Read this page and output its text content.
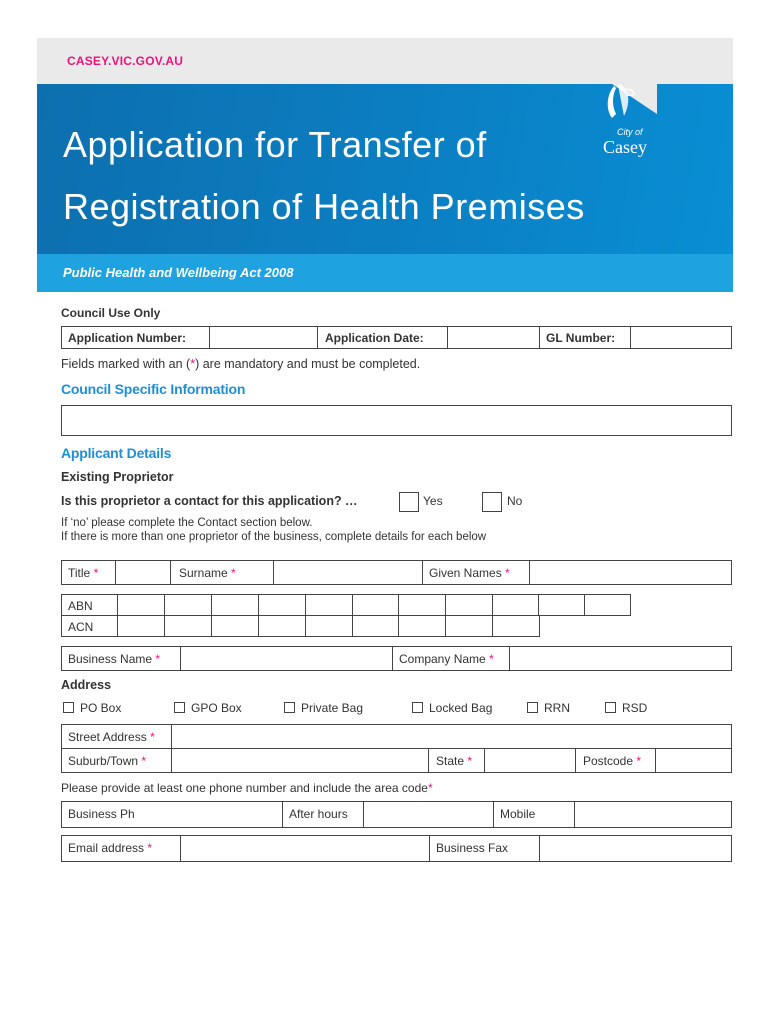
CASEY.VIC.GOV.AU
Application for Transfer of
Registration of Health Premises
City of
Casey
Public Health and Wellbeing Act 2008
Council Use Only
Application Number:	Application Date:	GL Number:
Fields marked with an (*) are mandatory and must be completed.
Council Specific Information
Applicant Details
Existing Proprietor
Is this proprietor a contact for this application? …	Yes	No
If ‘no’ please complete the Contact section below.
If there is more than one proprietor of the business, complete details for each below
Title *	Surname *	Given Names *
ABN
ACN
Business Name *	Company Name *
Address
PO Box	GPO Box	Private Bag	Locked Bag	RRN	RSD
Street Address *
Suburb/Town *	State *	Postcode *
Please provide at least one phone number and include the area code*
Business Ph	After hours	Mobile
Email address *	Business Fax
